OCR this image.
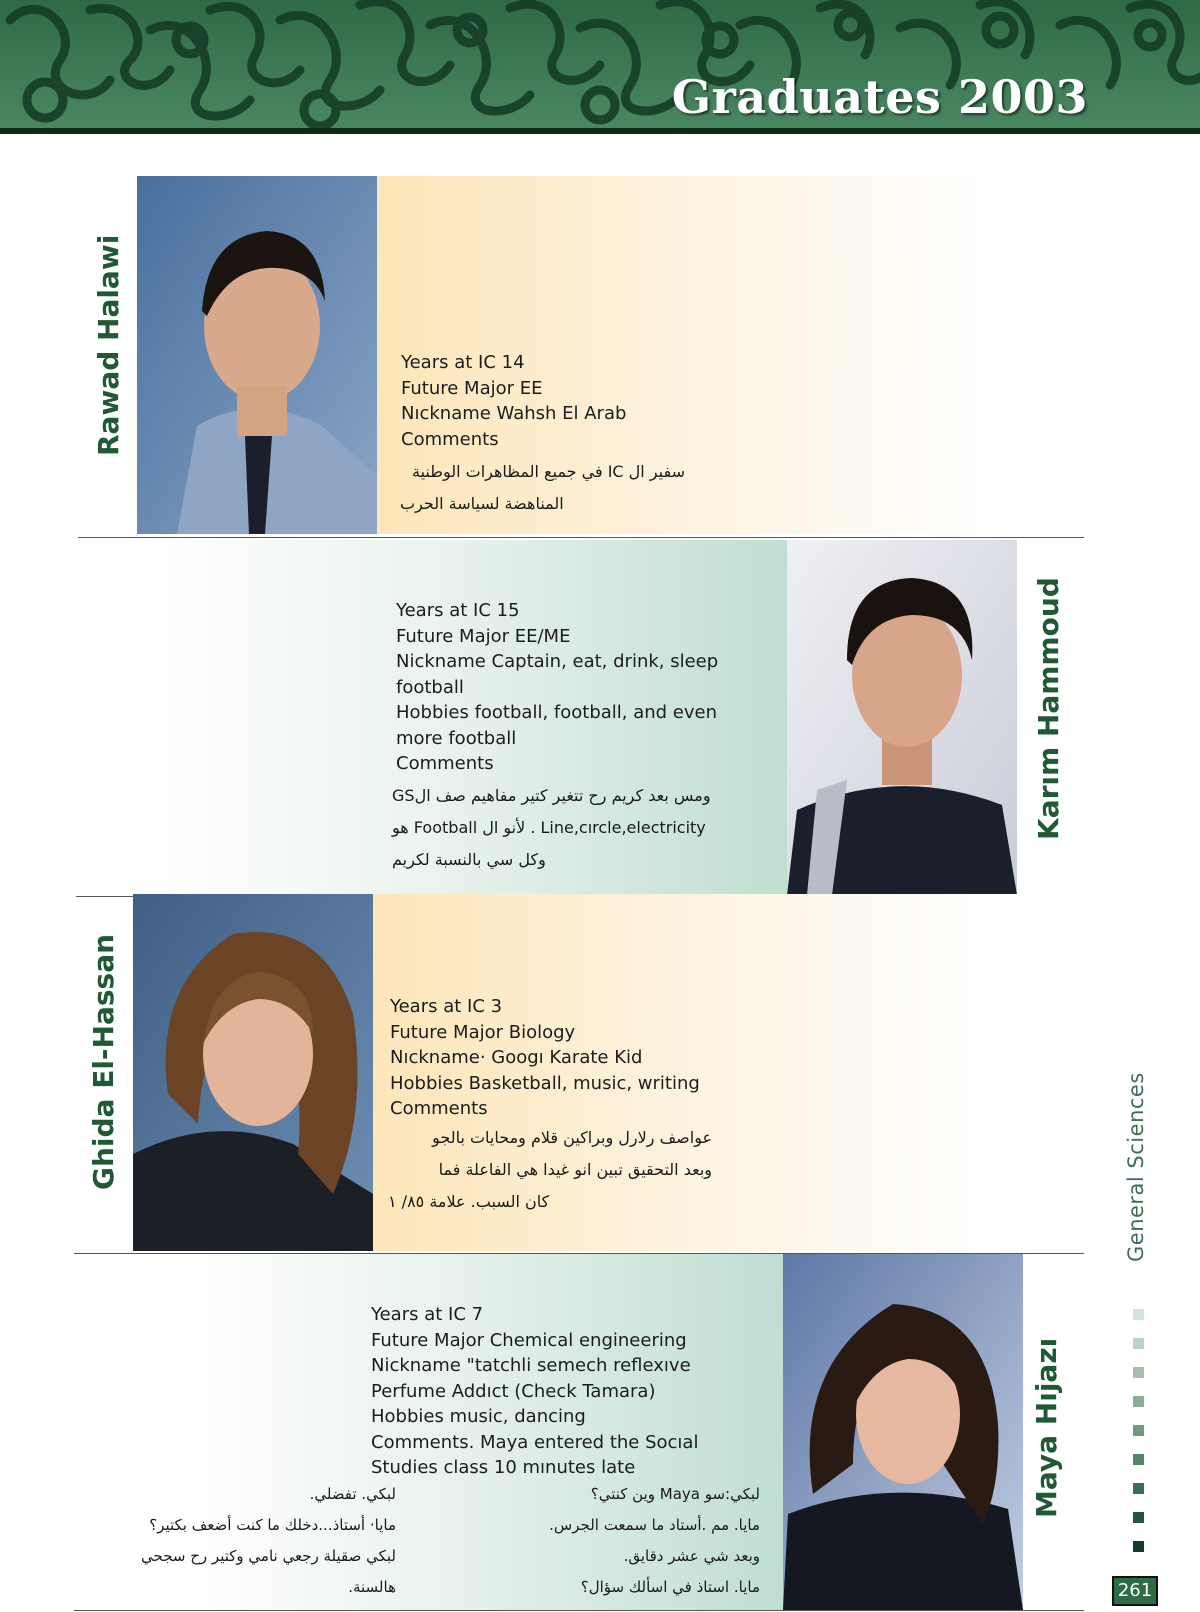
Graduates 2003
Rawad Halawi	Years at IC 14
Future Major EE
Nıckname Wahsh El Arab
Comments
سفير ال IC في جميع المظاهرات الوطنية
المناهضة لسياسة الحرب
Karım Hammoud
Years at IC 15
Future Majοr EE/ME
Nickname Captain, eat, drink, sleep
football
Hobbies football, football, and even
more football
Comments
ومس بعد كريم رح تتغير كتير مفاهيم صف الGS
Line,cırcle,electricity . لأنو ال Football هو
وكل سي بالنسبة لكريم
Ghida El-Hassan	Years at IC 3
Future Major Biology
Nıckname· Googı Karate Kid
Hobbies Basketball, music, writing
Comments
عواصف رلارل وبراكين قلام ومحايات بالجو
وبعد التحقيق تبين انو غيدا هي الفاعلة فما
كان السبب. علامة ٨٥/ ١
Maya Hıjazı
Years at IC 7
Future Major Chemical engineering
Nickname "tatchli semech reflexıve
Perfume Addıct (Check Tamara)
Hobbies music, dancing
Comments. Maya entered the Socıal
Studies class 10 mınutes late
لبكي:سو Maya وين كنتي؟
مايا. مم .أستاد ما سمعت الجرس.
وبعد شي عشر دقايق.
مايا. استاذ في اسألك سؤال؟
لبكي. تفضلي.
مايا· أستاذ...دخلك ما كنت أضعف بكتير؟
لبكي صقيلة رجعي نامي وكتير رح سجحي
هالسنة.
General Sciences
261
